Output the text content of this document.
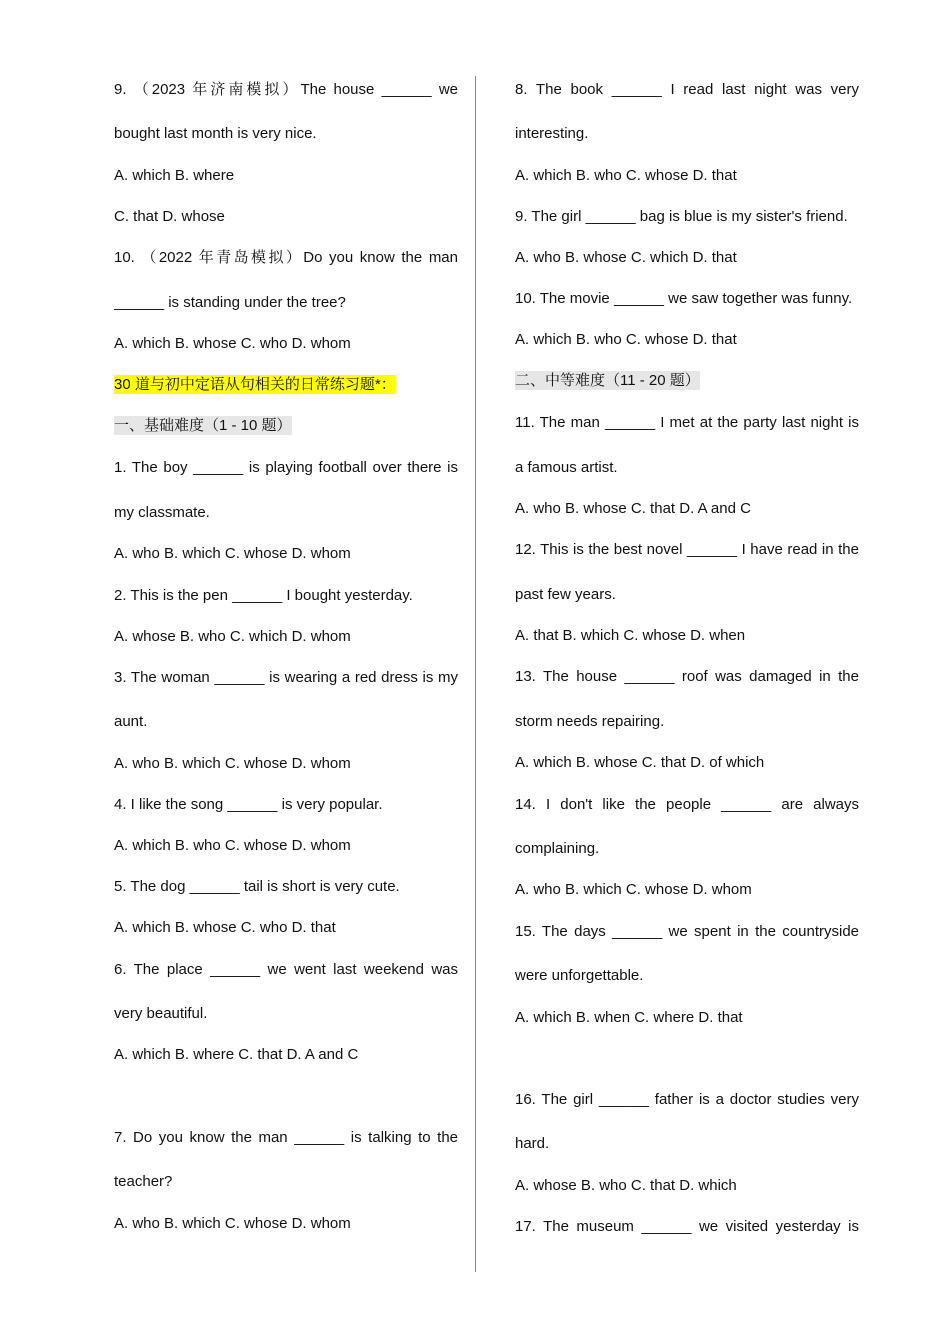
9. （2023 年济南模拟）The house ______ we
bought last month is very nice.
A. which B. where
C. that D. whose
10. （2022 年青岛模拟）Do you know the man
______ is standing under the tree?
A. which B. whose C. who D. whom
30 道与初中定语从句相关的日常练习题*：
一、基础难度（1 - 10 题）
1. The boy ______ is playing football over there is
my classmate.
A. who B. which C. whose D. whom
2. This is the pen ______ I bought yesterday.
A. whose B. who C. which D. whom
3. The woman ______ is wearing a red dress is my
aunt.
A. who B. which C. whose D. whom
4. I like the song ______ is very popular.
A. which B. who C. whose D. whom
5. The dog ______ tail is short is very cute.
A. which B. whose C. who D. that
6. The place ______ we went last weekend was
very beautiful.
A. which B. where C. that D. A and C
7. Do you know the man ______ is talking to the
teacher?
A. who B. which C. whose D. whom
8. The book ______ I read last night was very
interesting.
A. which B. who C. whose D. that
9. The girl ______ bag is blue is my sister's friend.
A. who B. whose C. which D. that
10. The movie ______ we saw together was funny.
A. which B. who C. whose D. that
二、中等难度（11 - 20 题）
11. The man ______ I met at the party last night is
a famous artist.
A. who B. whose C. that D. A and C
12. This is the best novel ______ I have read in the
past few years.
A. that B. which C. whose D. when
13. The house ______ roof was damaged in the
storm needs repairing.
A. which B. whose C. that D. of which
14. I don't like the people ______ are always
complaining.
A. who B. which C. whose D. whom
15. The days ______ we spent in the countryside
were unforgettable.
A. which B. when C. where D. that
16. The girl ______ father is a doctor studies very
hard.
A. whose B. who C. that D. which
17. The museum ______ we visited yesterday is
